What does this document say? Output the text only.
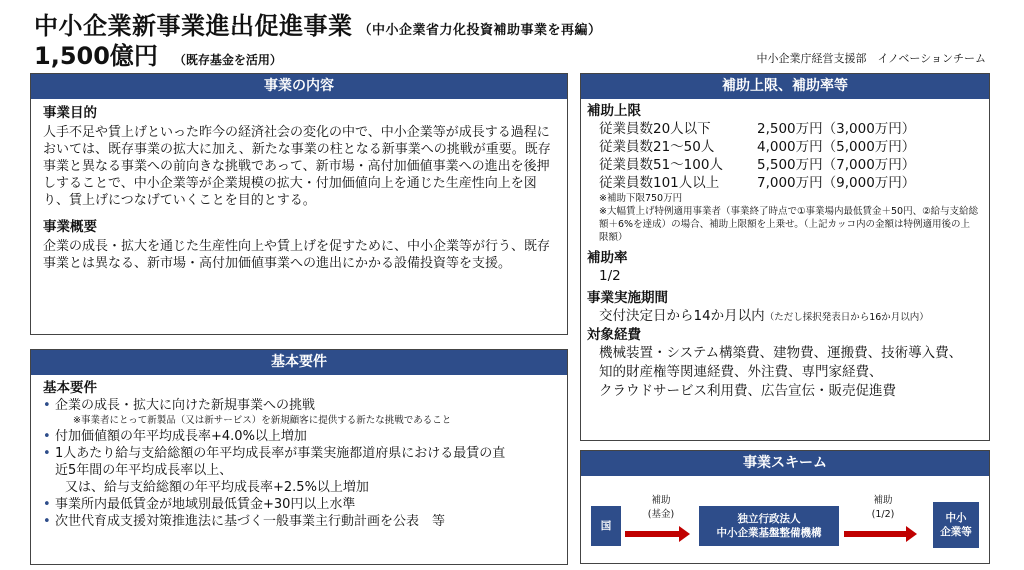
中小企業新事業進出促進事業 （中小企業省力化投資補助事業を再編）
1,500億円 （既存基金を活用）	中小企業庁経営支援部　イノベーションチーム
事業の内容
事業目的
人手不足や賃上げといった昨今の経済社会の変化の中で、中小企業等が成長する過程においては、既存事業の拡大に加え、新たな事業の柱となる新事業への挑戦が重要。既存事業と異なる事業への前向きな挑戦であって、新市場・高付加価値事業への進出を後押しすることで、中小企業等が企業規模の拡大・付加価値向上を通じた生産性向上を図り、賃上げにつなげていくことを目的とする。
事業概要
企業の成長・拡大を通じた生産性向上や賃上げを促すために、中小企業等が行う、既存事業とは異なる、新市場・高付加価値事業への進出にかかる設備投資等を支援。
基本要件
基本要件
• 企業の成長・拡大に向けた新規事業への挑戦
※事業者にとって新製品（又は新サービス）を新規顧客に提供する新たな挑戦であること
• 付加価値額の年平均成長率+4.0%以上増加
• 1人あたり給与支給総額の年平均成長率が事業実施都道府県における最賃の直
近5年間の年平均成長率以上、
又は、給与支給総額の年平均成長率+2.5%以上増加
• 事業所内最低賃金が地域別最低賃金+30円以上水準
• 次世代育成支援対策推進法に基づく一般事業主行動計画を公表　等
補助上限、補助率等
補助上限
従業員数20人以下	2,500万円（3,000万円）
従業員数21～50人	4,000万円（5,000万円）
従業員数51～100人	5,500万円（7,000万円）
従業員数101人以上	7,000万円（9,000万円）
※補助下限750万円
※大幅賃上げ特例適用事業者（事業終了時点で①事業場内最低賃金＋50円、②給与支給総額＋6%を達成）の場合、補助上限額を上乗せ。（上記カッコ内の金額は特例適用後の上限額）
補助率
1/2
事業実施期間
交付決定日から14か月以内（ただし採択発表日から16か月以内）
対象経費
機械装置・システム構築費、建物費、運搬費、技術導入費、
知的財産権等関連経費、外注費、専門家経費、
クラウドサービス利用費、広告宣伝・販売促進費
事業スキーム
国
補助
(基金)	独立行政法人
中小企業基盤整備機構
補助
(1/2)	中小
企業等
